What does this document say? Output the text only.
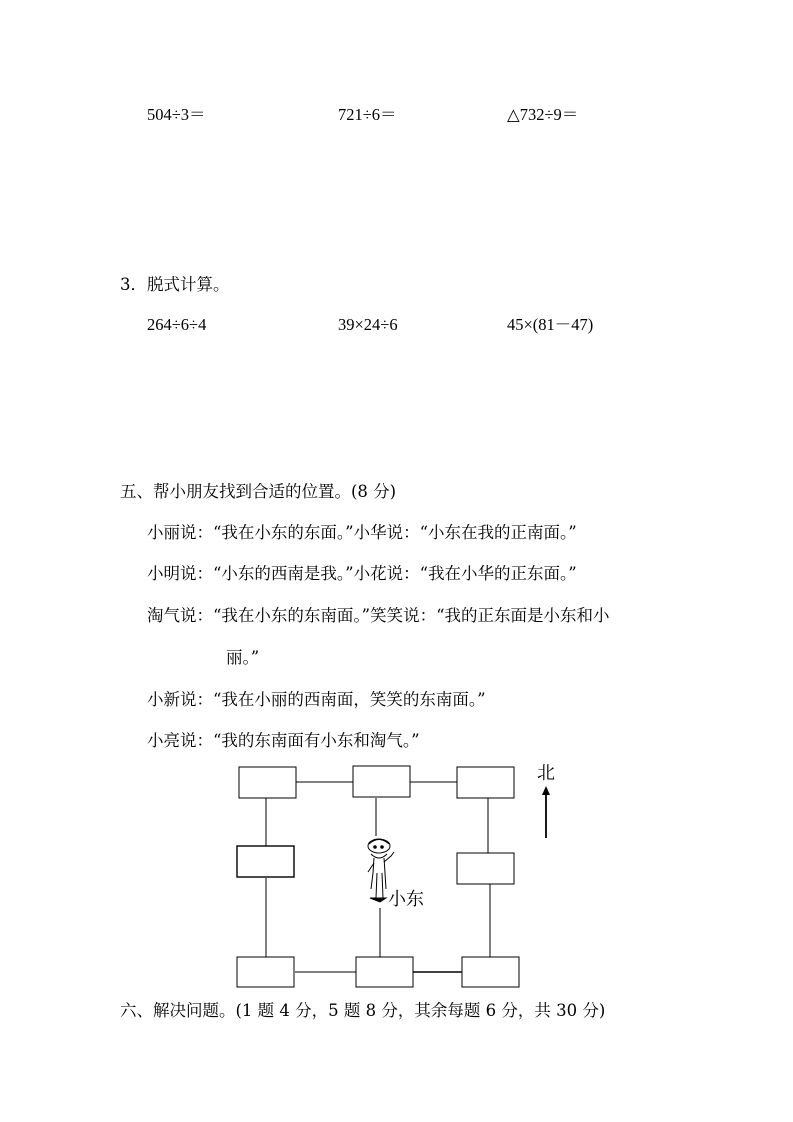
504÷3＝	721÷6＝	△732÷9＝
3．脱式计算。
264÷6÷4	39×24÷6	45×(81－47)
五、帮小朋友找到合适的位置。(8 分)
小丽说：“我在小东的东面。”小华说：“小东在我的正南面。”
小明说：“小东的西南是我。”小花说：“我在小华的正东面。”
淘气说：“我在小东的东南面。”笑笑说：“我的正东面是小东和小
丽。”
小新说：“我在小丽的西南面，笑笑的东南面。”
小亮说：“我的东南面有小东和淘气。”
北
小东
六、解决问题。(1 题 4 分，5 题 8 分，其余每题 6 分，共 30 分)
